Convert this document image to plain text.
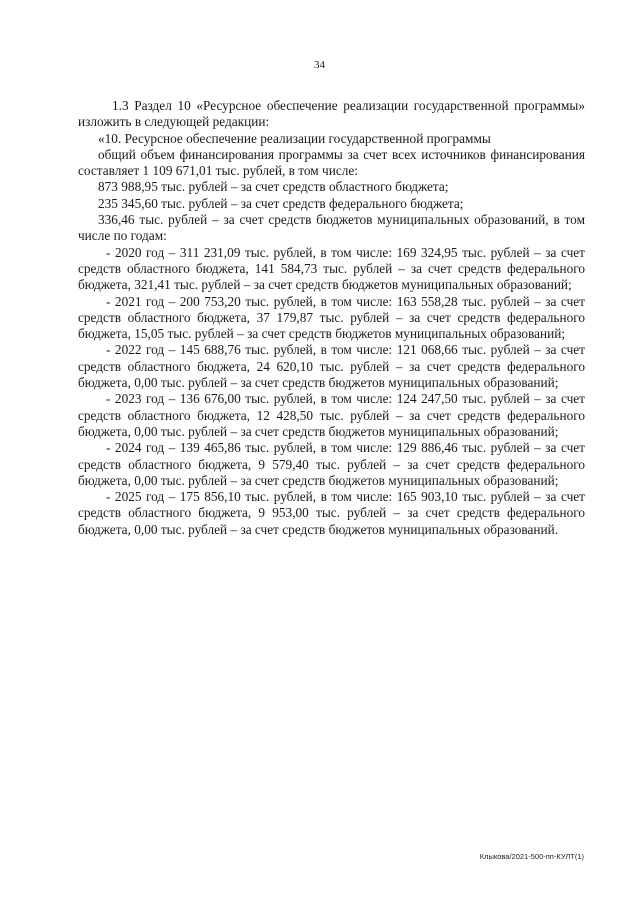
34

1.3 Раздел 10 «Ресурсное обеспечение реализации государственной программы» изложить в следующей редакции:

«10. Ресурсное обеспечение реализации государственной программы

общий объем финансирования программы за счет всех источников финансирования составляет 1 109 671,01 тыс. рублей, в том числе:

873 988,95 тыс. рублей – за счет средств областного бюджета;

235 345,60 тыс. рублей – за счет средств федерального бюджета;

336,46 тыс. рублей – за счет средств бюджетов муниципальных образований, в том числе по годам:

- 2020 год – 311 231,09 тыс. рублей, в том числе: 169 324,95 тыс. рублей – за счет средств областного бюджета, 141 584,73 тыс. рублей – за счет средств федерального бюджета, 321,41 тыс. рублей – за счет средств бюджетов муниципальных образований;

- 2021 год – 200 753,20 тыс. рублей, в том числе: 163 558,28 тыс. рублей – за счет средств областного бюджета, 37 179,87 тыс. рублей – за счет средств федерального бюджета, 15,05 тыс. рублей – за счет средств бюджетов муниципальных образований;

- 2022 год – 145 688,76 тыс. рублей, в том числе: 121 068,66 тыс. рублей – за счет средств областного бюджета, 24 620,10 тыс. рублей – за счет средств федерального бюджета, 0,00 тыс. рублей – за счет средств бюджетов муниципальных образований;

- 2023 год – 136 676,00 тыс. рублей, в том числе: 124 247,50 тыс. рублей – за счет средств областного бюджета, 12 428,50 тыс. рублей – за счет средств федерального бюджета, 0,00 тыс. рублей – за счет средств бюджетов муниципальных образований;

- 2024 год – 139 465,86 тыс. рублей, в том числе: 129 886,46 тыс. рублей – за счет средств областного бюджета, 9 579,40 тыс. рублей – за счет средств федерального бюджета, 0,00 тыс. рублей – за счет средств бюджетов муниципальных образований;

- 2025 год – 175 856,10 тыс. рублей, в том числе: 165 903,10 тыс. рублей – за счет средств областного бюджета, 9 953,00 тыс. рублей – за счет средств федерального бюджета, 0,00 тыс. рублей – за счет средств бюджетов муниципальных образований.

Клыкова/2021-500-пп-КУЛТ(1)
